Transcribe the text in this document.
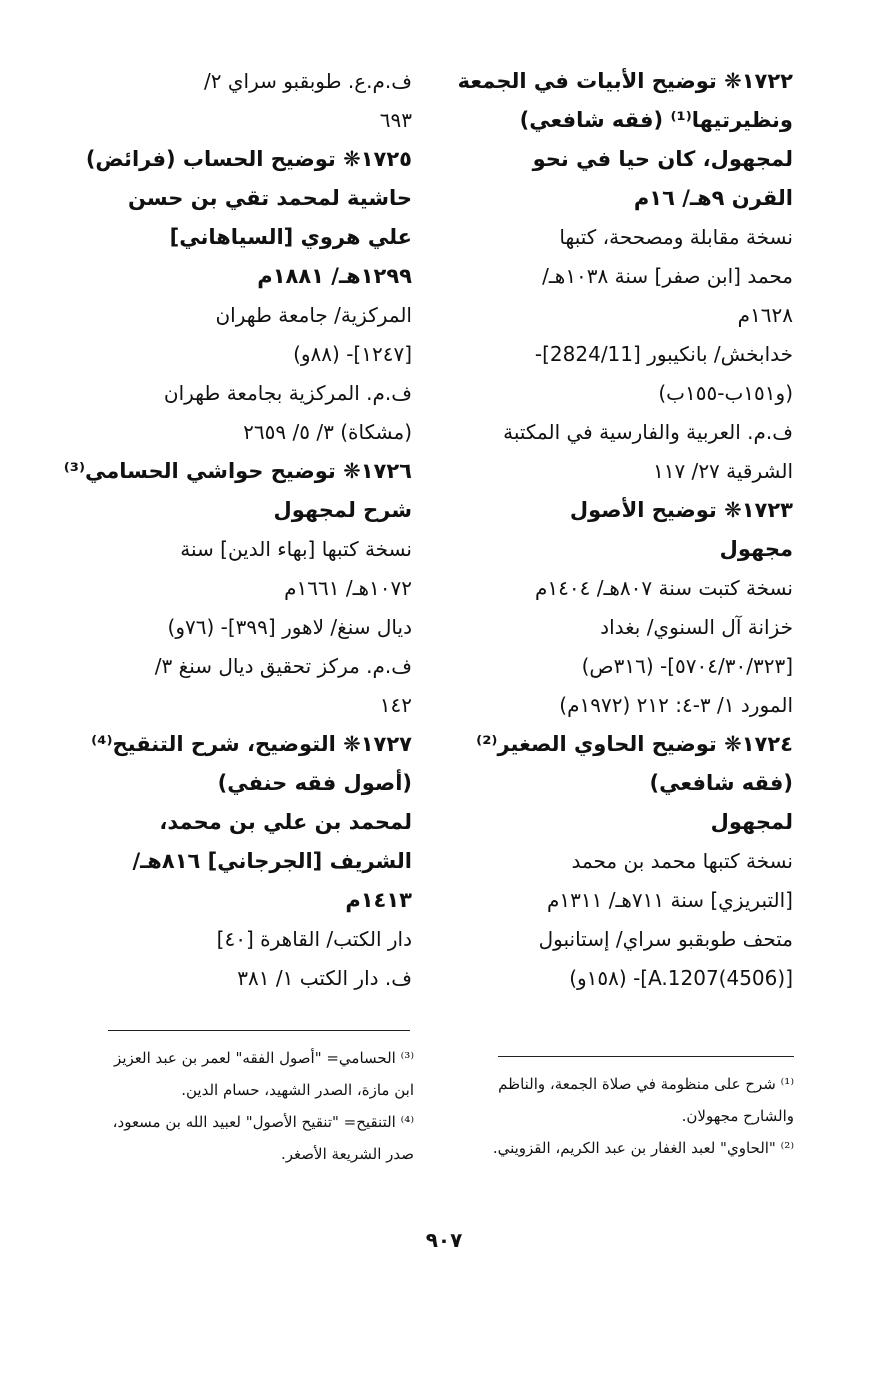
١٧٢٢❋ توضيح الأبيات في الجمعة
ونظيرتيها⁽¹⁾ (فقه شافعي)
لمجهول، كان حيا في نحو
القرن ٩هـ/ ١٦م
نسخة مقابلة ومصححة، كتبها
محمد [ابن صفر] سنة ١٠٣٨هـ/
١٦٢٨م
خدابخش/ بانكيبور [2824/11]-
(و١٥١ب-١٥٥ب)
ف.م. العربية والفارسية في المكتبة
الشرقية ٢٧/ ١١٧
١٧٢٣❋ توضيح الأصول
مجهول
نسخة كتبت سنة ٨٠٧هـ/ ١٤٠٤م
خزانة آل السنوي/ بغداد
[٥٧٠٤/٣٠/٣٢٣]- (٣١٦ص)
المورد ١/ ٣-٤: ٢١٢ (١٩٧٢م)
١٧٢٤❋ توضيح الحاوي الصغير⁽²⁾
(فقه شافعي)
لمجهول
نسخة كتبها محمد بن محمد
[التبريزي] سنة ٧١١هـ/ ١٣١١م
متحف طوبقبو سراي/ إستانبول
[A.1207(4506)]- (١٥٨و)
ف.م.ع. طوبقبو سراي ٢/
٦٩٣
١٧٢٥❋ توضيح الحساب (فرائض)
حاشية لمحمد تقي بن حسن
علي هروي [السياهاني]
١٢٩٩هـ/ ١٨٨١م
المركزية/ جامعة طهران
[١٢٤٧]- (٨٨و)
ف.م. المركزية بجامعة طهران
(مشكاة) ٣/ ٥/ ٢٦٥٩
١٧٢٦❋ توضيح حواشي الحسامي⁽³⁾
شرح لمجهول
نسخة كتبها [بهاء الدين] سنة
١٠٧٢هـ/ ١٦٦١م
ديال سنغ/ لاهور [٣٩٩]- (٧٦و)
ف.م. مركز تحقيق ديال سنغ ٣/
١٤٢
١٧٢٧❋ التوضيح، شرح التنقيح⁽⁴⁾
(أصول فقه حنفي)
لمحمد بن علي بن محمد،
الشريف [الجرجاني] ٨١٦هـ/
١٤١٣م
دار الكتب/ القاهرة [٤٠]
ف. دار الكتب ١/ ٣٨١
⁽¹⁾ شرح على منظومة في صلاة الجمعة، والناظم
والشارح مجهولان.
⁽²⁾ "الحاوي" لعبد الغفار بن عبد الكريم، القزويني.
⁽³⁾ الحسامي= "أصول الفقه" لعمر بن عبد العزيز
ابن مازة، الصدر الشهيد، حسام الدين.
⁽⁴⁾ التنقيح= "تنقيح الأصول" لعبيد الله بن مسعود،
صدر الشريعة الأصغر.
٩٠٧
